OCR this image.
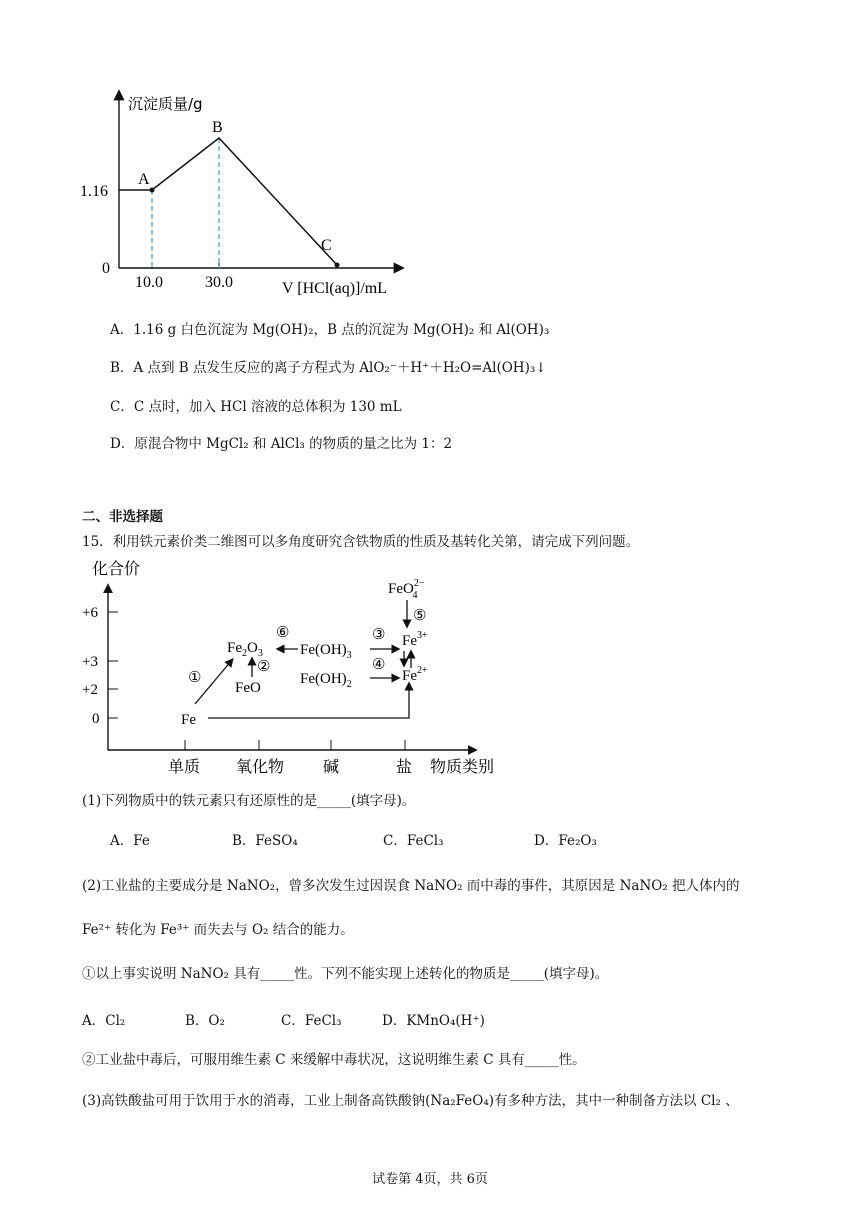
沉淀质量/g
1.16
0
10.0	30.0	V [HCl(aq)]/mL
A
B
C
A．1.16 g 白色沉淀为 Mg(OH)₂，B 点的沉淀为 Mg(OH)₂ 和 Al(OH)₃
B．A 点到 B 点发生反应的离子方程式为 AlO₂⁻＋H⁺＋H₂O=Al(OH)₃↓
C．C 点时，加入 HCl 溶液的总体积为 130 mL
D．原混合物中 MgCl₂ 和 AlCl₃ 的物质的量之比为 1：2
二、非选择题
15．利用铁元素价类二维图可以多角度研究含铁物质的性质及基转化关第，请完成下列问题。
化合价
+6
+3
+2
0
单质 氧化物 碱	盐 物质类别
Fe
$Fe_2O_3$
FeO
$Fe(OH)_3$
$Fe(OH)_2$
$Fe^{3+}$
$Fe^{2+}$
FeO$^{2-}$ 4
①
②
③
④
⑤
⑥
(1)下列物质中的铁元素只有还原性的是_____(填字母)。
A．Fe	B．FeSO₄	C．FeCl₃	D．Fe₂O₃
(2)工业盐的主要成分是 NaNO₂，曾多次发生过因误食 NaNO₂ 而中毒的事件，其原因是 NaNO₂ 把人体内的
Fe²⁺ 转化为 Fe³⁺ 而失去与 O₂ 结合的能力。
①以上事实说明 NaNO₂ 具有_____性。下列不能实现上述转化的物质是_____(填字母)。
A．Cl₂	B．O₂	C．FeCl₃	D．KMnO₄(H⁺)
②工业盐中毒后，可服用维生素 C 来缓解中毒状况，这说明维生素 C 具有_____性。
(3)高铁酸盐可用于饮用于水的消毒，工业上制备高铁酸钠(Na₂FeO₄)有多种方法，其中一种制备方法以 Cl₂ 、
试卷第 4页，共 6页
